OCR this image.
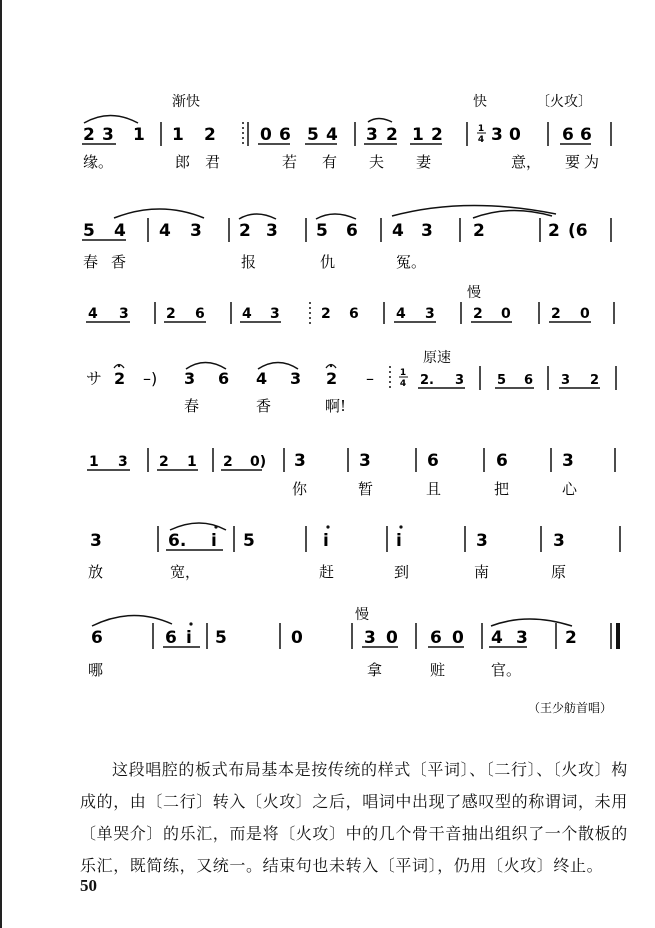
渐快	快	〔火攻〕
2 3 1 1 2	0 6 5 4 3 2 1 2	3 0 6 6
1
4
缘。	郎 君	若 有 夫 妻	意， 要 为
5 4 4 3 2 3 5 6 4 3 2	2 (6
春 香	报	仇	冤。
慢
4 3	2 6	4 3	2 6	4 3	2 0	2 0
原速
サ 2 –) 3 6 4 3 2 –	2. 3	5 6 3 2
1
4
春	香	啊!
1 3 2 1 2 0) 3	3	6	6	3
你	暂	且	把	心
3	6. i 5	i	i	3	3
放	宽，	赶	到	南	原
慢
6	6 i 5	0	3 0 6 0 4 3 2
哪	拿	赃	官。
（王少舫首唱）

这段唱腔的板式布局基本是按传统的样式〔平词〕、〔二行〕、〔火攻〕构成的，由〔二行〕转入〔火攻〕之后，唱词中出现了感叹型的称谓词，未用〔单哭介〕的乐汇，而是将〔火攻〕中的几个骨干音抽出组织了一个散板的乐汇，既简练，又统一。结束句也未转入〔平词〕，仍用〔火攻〕终止。

50
